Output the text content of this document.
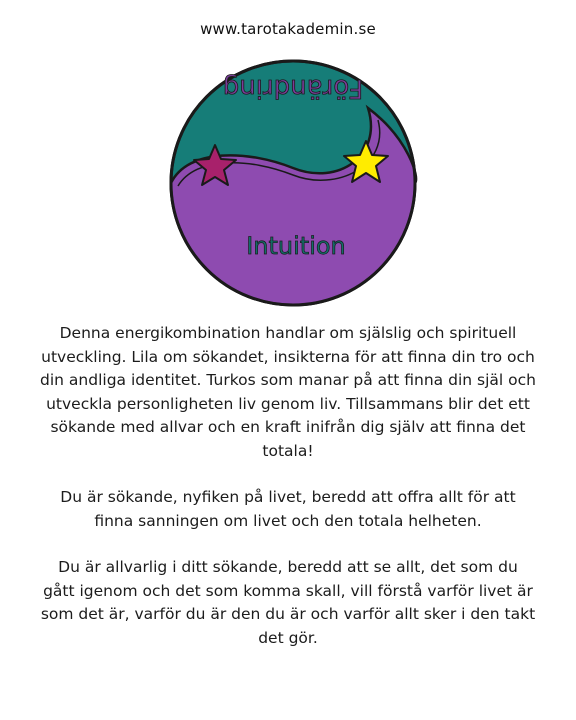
www.tarotakademin.se
Förändring
Intuition

Denna energikombination handlar om själslig och spirituell utveckling. Lila om sökandet, insikterna för att finna din tro och din andliga identitet. Turkos som manar på att finna din själ och utveckla personligheten liv genom liv. Tillsammans blir det ett sökande med allvar och en kraft inifrån dig själv att finna det totala!

Du är sökande, nyfiken på livet, beredd att offra allt för att finna sanningen om livet och den totala helheten.

Du är allvarlig i ditt sökande, beredd att se allt, det som du gått igenom och det som komma skall, vill förstå varför livet är som det är, varför du är den du är och varför allt sker i den takt det gör.
